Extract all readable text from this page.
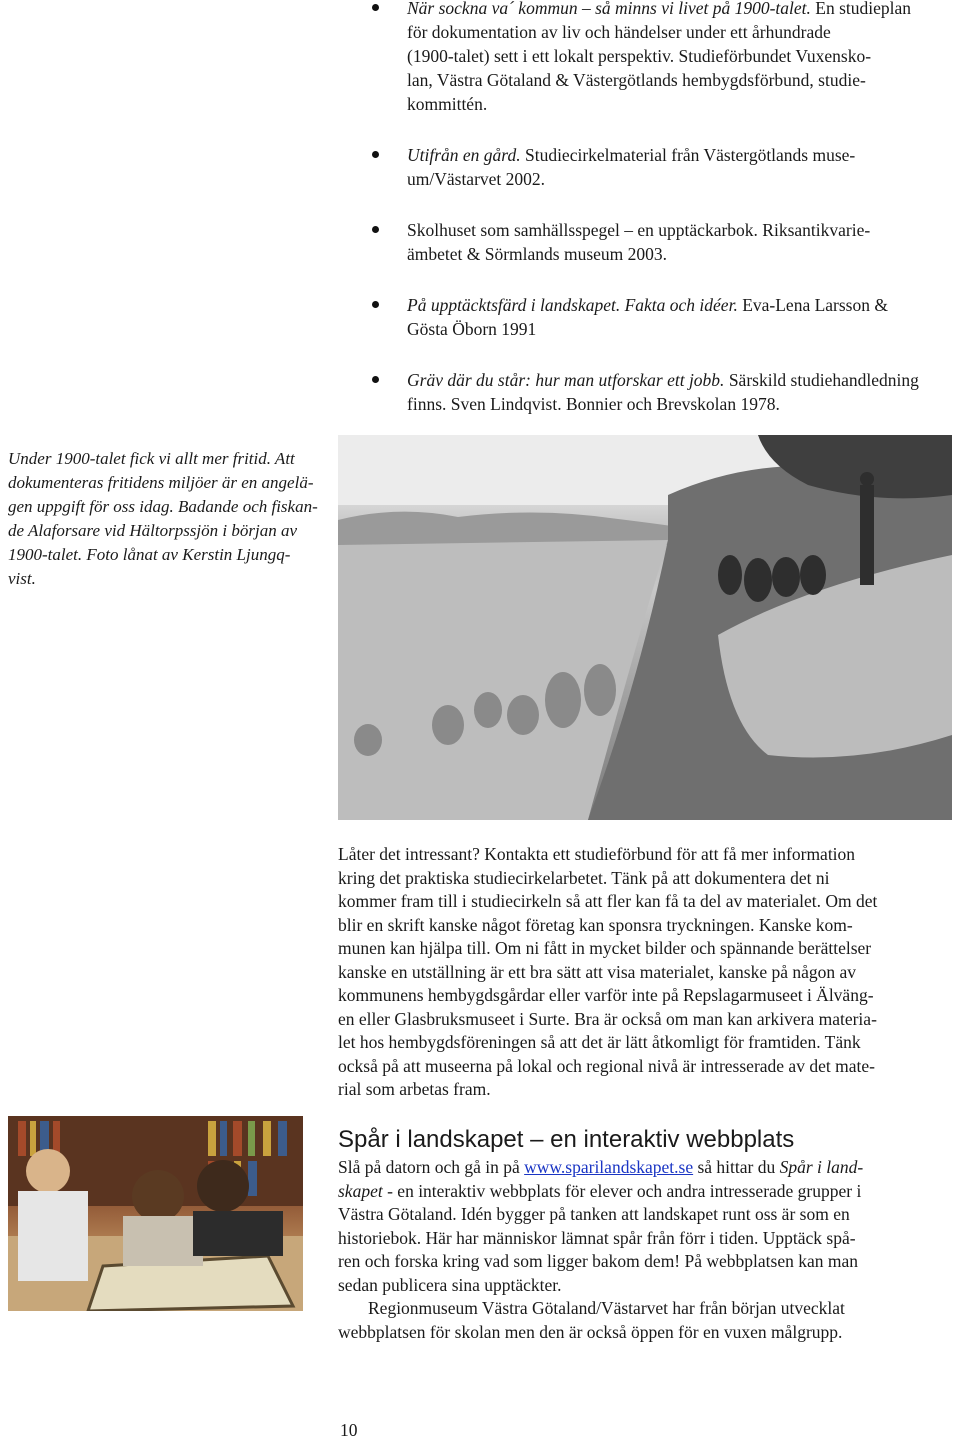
När sockna va´ kommun – så minns vi livet på 1900-talet. En studieplan
för dokumentation av liv och händelser under ett århundrade
(1900-talet) sett i ett lokalt perspektiv. Studieförbundet Vuxensko-
lan, Västra Götaland & Västergötlands hembygdsförbund, studie-
kommittén.
Utifrån en gård. Studiecirkelmaterial från Västergötlands muse-
um/Västarvet 2002.
Skolhuset som samhällsspegel – en upptäckarbok. Riksantikvarie-
ämbetet & Sörmlands museum 2003.
På upptäcktsfärd i landskapet. Fakta och idéer. Eva-Lena Larsson &
Gösta Öborn 1991
Gräv där du står: hur man utforskar ett jobb. Särskild studiehandledning
finns. Sven Lindqvist. Bonnier och Brevskolan 1978.
Under 1900-talet fick vi allt mer fritid. Att
dokumenteras fritidens miljöer är en angelä-
gen uppgift för oss idag. Badande och fiskan-
de Alaforsare vid Hältorpssjön i början av
1900-talet. Foto lånat av Kerstin Ljungq-
vist.
Låter det intressant? Kontakta ett studieförbund för att få mer information
kring det praktiska studiecirkelarbetet. Tänk på att dokumentera det ni
kommer fram till i studiecirkeln så att fler kan få ta del av materialet. Om det
blir en skrift kanske något företag kan sponsra tryckningen. Kanske kom-
munen kan hjälpa till. Om ni fått in mycket bilder och spännande berättelser
kanske en utställning är ett bra sätt att visa materialet, kanske på någon av
kommunens hembygdsgårdar eller varför inte på Repslagarmuseet i Älväng-
en eller Glasbruksmuseet i Surte. Bra är också om man kan arkivera materia-
let hos hembygdsföreningen så att det är lätt åtkomligt för framtiden. Tänk
också på att museerna på lokal och regional nivå är intresserade av det mate-
rial som arbetas fram.
Spår i landskapet – en interaktiv webbplats
Slå på datorn och gå in på www.sparilandskapet.se så hittar du Spår i land-
skapet - en interaktiv webbplats för elever och andra intresserade grupper i
Västra Götaland. Idén bygger på tanken att landskapet runt oss är som en
historiebok. Här har människor lämnat spår från förr i tiden. Upptäck spå-
ren och forska kring vad som ligger bakom dem! På webbplatsen kan man
sedan publicera sina upptäckter.
Regionmuseum Västra Götaland/Västarvet har från början utvecklat
webbplatsen för skolan men den är också öppen för en vuxen målgrupp.
10
